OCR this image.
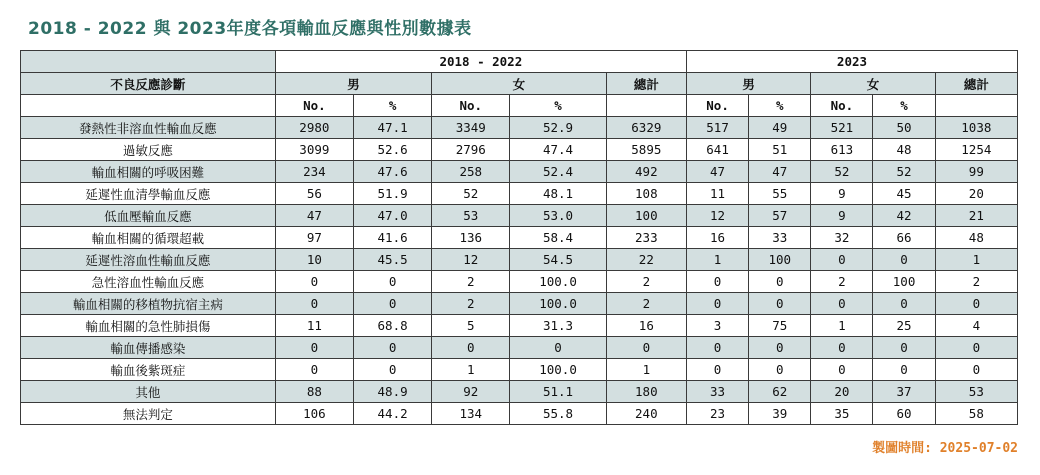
2018 - 2022 與 2023年度各項輸血反應與性別數據表
	2018 - 2022					2023				
不良反應診斷	男		女		總計	男		女		總計
	No.	%	No.	%		No.	%	No.	%	
發熱性非溶血性輸血反應	2980	47.1	3349	52.9	6329	517	49	521	50	1038
過敏反應	3099	52.6	2796	47.4	5895	641	51	613	48	1254
輸血相關的呼吸困難	234	47.6	258	52.4	492	47	47	52	52	99
延遲性血清學輸血反應	56	51.9	52	48.1	108	11	55	9	45	20
低血壓輸血反應	47	47.0	53	53.0	100	12	57	9	42	21
輸血相關的循環超載	97	41.6	136	58.4	233	16	33	32	66	48
延遲性溶血性輸血反應	10	45.5	12	54.5	22	1	100	0	0	1
急性溶血性輸血反應	0	0	2	100.0	2	0	0	2	100	2
輸血相關的移植物抗宿主病	0	0	2	100.0	2	0	0	0	0	0
輸血相關的急性肺損傷	11	68.8	5	31.3	16	3	75	1	25	4
輸血傳播感染	0	0	0	0	0	0	0	0	0	0
輸血後紫斑症	0	0	1	100.0	1	0	0	0	0	0
其他	88	48.9	92	51.1	180	33	62	20	37	53
無法判定	106	44.2	134	55.8	240	23	39	35	60	58
製圖時間: 2025-07-02
